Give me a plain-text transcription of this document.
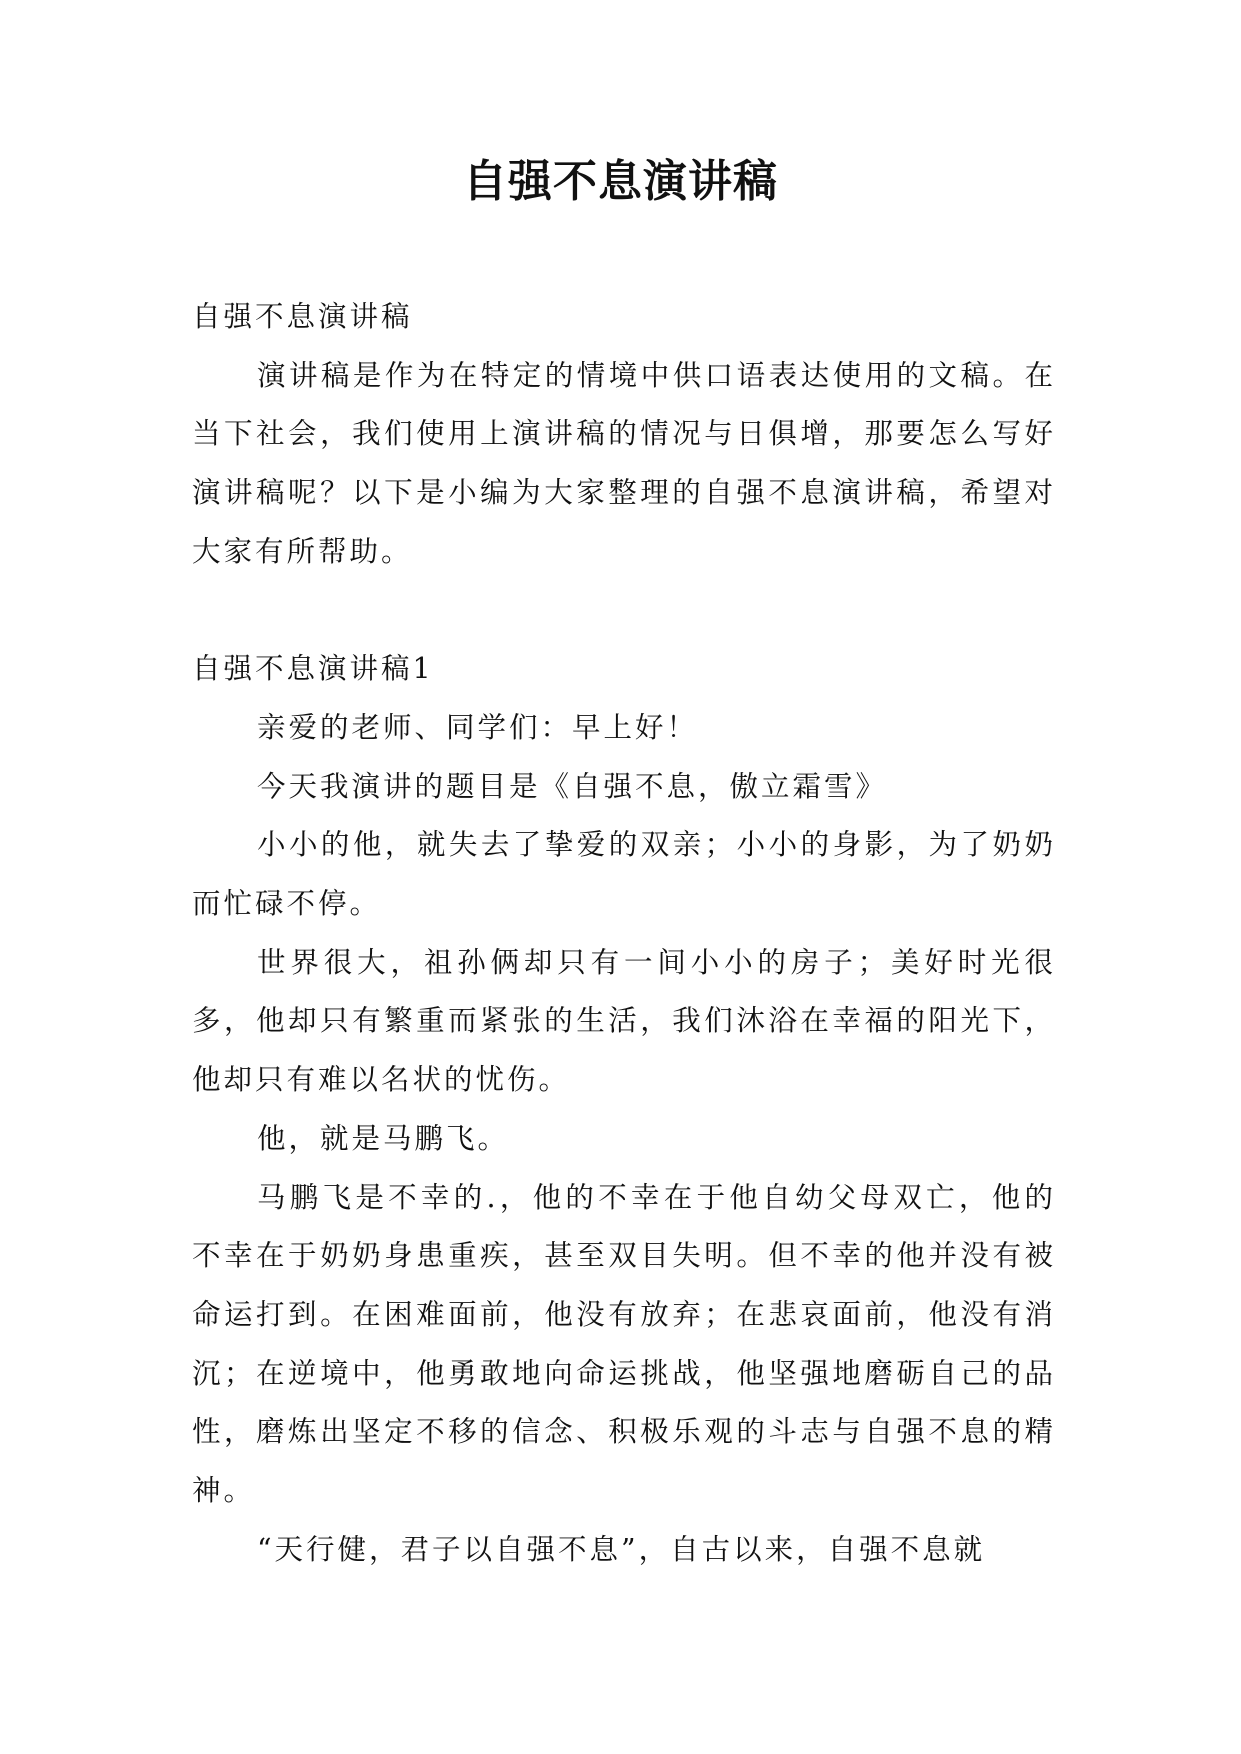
自强不息演讲稿

自强不息演讲稿

演讲稿是作为在特定的情境中供口语表达使用的文稿。在当下社会，我们使用上演讲稿的情况与日俱增，那要怎么写好演讲稿呢？以下是小编为大家整理的自强不息演讲稿，希望对大家有所帮助。

自强不息演讲稿1

亲爱的老师、同学们：早上好！

今天我演讲的题目是《自强不息，傲立霜雪》

小小的他，就失去了挚爱的双亲；小小的身影，为了奶奶而忙碌不停。

世界很大，祖孙俩却只有一间小小的房子；美好时光很多，他却只有繁重而紧张的生活，我们沐浴在幸福的阳光下，他却只有难以名状的忧伤。

他，就是马鹏飞。

马鹏飞是不幸的.，他的不幸在于他自幼父母双亡，他的不幸在于奶奶身患重疾，甚至双目失明。但不幸的他并没有被命运打到。在困难面前，他没有放弃；在悲哀面前，他没有消沉；在逆境中，他勇敢地向命运挑战，他坚强地磨砺自己的品性，磨炼出坚定不移的信念、积极乐观的斗志与自强不息的精神。

“天行健，君子以自强不息”，自古以来，自强不息就
